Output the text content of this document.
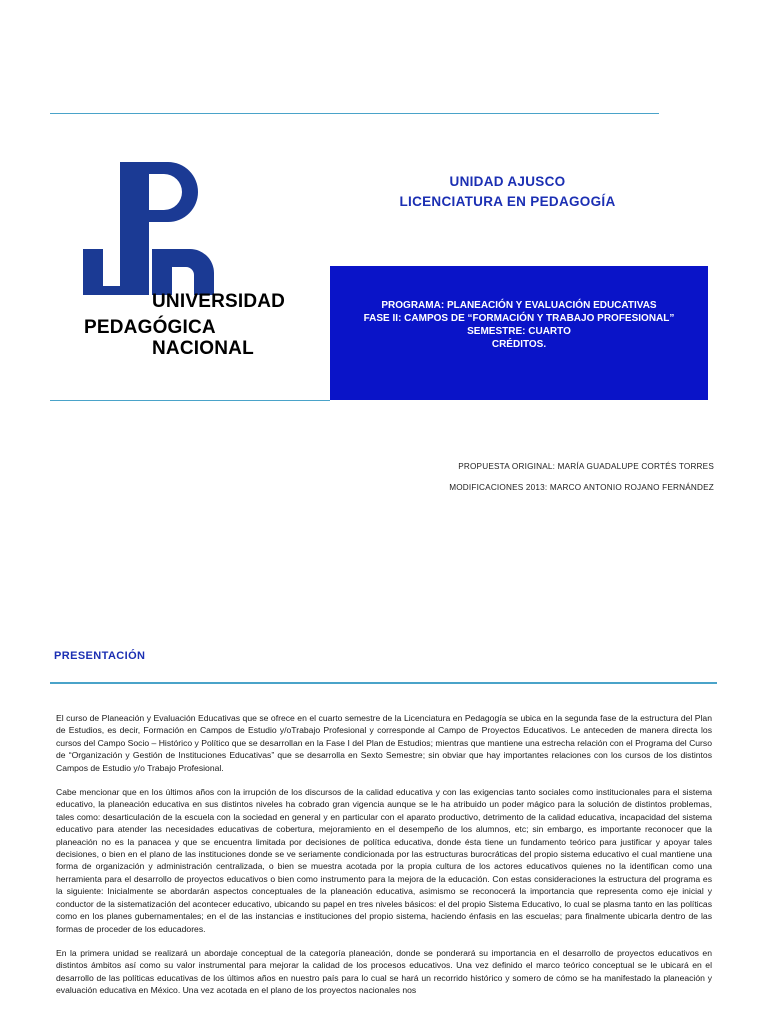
UNIVERSIDAD
PEDAGÓGICA
NACIONAL
UNIDAD AJUSCO
LICENCIATURA EN PEDAGOGÍA
PROGRAMA: PLANEACIÓN Y EVALUACIÓN EDUCATIVAS
FASE II: CAMPOS DE “FORMACIÓN Y TRABAJO PROFESIONAL”
SEMESTRE: CUARTO
CRÉDITOS.
PROPUESTA ORIGINAL: MARÍA GUADALUPE CORTÉS TORRES
MODIFICACIONES 2013: MARCO ANTONIO ROJANO FERNÁNDEZ
PRESENTACIÓN

El curso de Planeación y Evaluación Educativas que se ofrece en el cuarto semestre de la Licenciatura en Pedagogía se ubica en la segunda fase de la estructura del Plan de Estudios, es decir, Formación en Campos de Estudio y/oTrabajo Profesional y corresponde al Campo de Proyectos Educativos. Le anteceden de manera directa los cursos del Campo Socio – Histórico y Político que se desarrollan en la Fase I del Plan de Estudios; mientras que mantiene una estrecha relación con el Programa del Curso de “Organización y Gestión de Instituciones Educativas” que se desarrolla en Sexto Semestre; sin obviar que hay importantes relaciones con los cursos de los distintos Campos de Estudio y/o Trabajo Profesional.

Cabe mencionar que en los últimos años con la irrupción de los discursos de la calidad educativa y con las exigencias tanto sociales como institucionales para el sistema educativo, la planeación educativa en sus distintos niveles ha cobrado gran vigencia aunque se le ha atribuido un poder mágico para la solución de distintos problemas, tales como: desarticulación de la escuela con la sociedad en general y en particular con el aparato productivo, detrimento de la calidad educativa, incapacidad del sistema educativo para atender las necesidades educativas de cobertura, mejoramiento en el desempeño de los alumnos, etc; sin embargo, es importante reconocer que la planeación no es la panacea y que se encuentra limitada por decisiones de política educativa, donde ésta tiene un fundamento teórico para justificar y apoyar tales decisiones, o bien en el plano de las instituciones donde se ve seriamente condicionada por las estructuras burocráticas del propio sistema educativo el cual mantiene una forma de organización y administración centralizada, o bien se muestra acotada por la propia cultura de los actores educativos quienes no la identifican como una herramienta para el desarrollo de proyectos educativos o bien como instrumento para la mejora de la educación. Con estas consideraciones la estructura del programa es la siguiente: Inicialmente se abordarán aspectos conceptuales de la planeación educativa, asimismo se reconocerá la importancia que representa como eje inicial y conductor de la sistematización del acontecer educativo, ubicando su papel en tres niveles básicos: el del propio Sistema Educativo, lo cual se plasma tanto en las políticas como en los planes gubernamentales; en el de las instancias e instituciones del propio sistema, haciendo énfasis en las escuelas; para finalmente ubicarla dentro de las formas de proceder de los educadores.

En la primera unidad se realizará un abordaje conceptual de la categoría planeación, donde se ponderará su importancia en el desarrollo de proyectos educativos en distintos ámbitos así como su valor instrumental para mejorar la calidad de los procesos educativos. Una vez definido el marco teórico conceptual se le ubicará en el desarrollo de las políticas educativas de los últimos años en nuestro país para lo cual se hará un recorrido histórico y somero de cómo se ha manifestado la planeación y evaluación educativa en México. Una vez acotada en el plano de los proyectos nacionales nos
